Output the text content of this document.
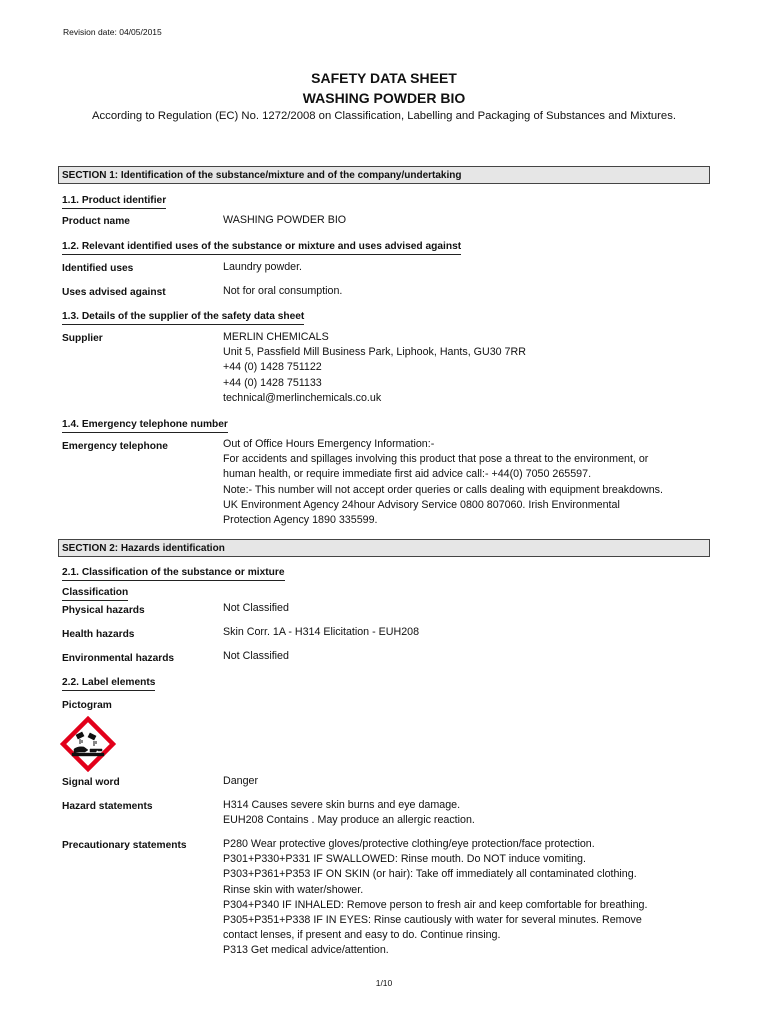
Revision date: 04/05/2015
SAFETY DATA SHEET
WASHING POWDER BIO
According to Regulation (EC) No. 1272/2008 on Classification, Labelling and Packaging of Substances and Mixtures.
SECTION 1: Identification of the substance/mixture and of the company/undertaking
1.1. Product identifier
Product name	WASHING POWDER BIO
1.2. Relevant identified uses of the substance or mixture and uses advised against
Identified uses	Laundry powder.
Uses advised against	Not for oral consumption.
1.3. Details of the supplier of the safety data sheet
Supplier	MERLIN CHEMICALS
Unit 5, Passfield Mill Business Park, Liphook, Hants, GU30 7RR
+44 (0) 1428 751122
+44 (0) 1428 751133
technical@merlinchemicals.co.uk
1.4. Emergency telephone number
Emergency telephone	Out of Office Hours Emergency Information:-
For accidents and spillages involving this product that pose a threat to the environment, or
human health, or require immediate first aid advice call:- +44(0) 7050 265597.
Note:- This number will not accept order queries or calls dealing with equipment breakdowns.
UK Environment Agency 24hour Advisory Service 0800 807060. Irish Environmental
Protection Agency 1890 335599.
SECTION 2: Hazards identification
2.1. Classification of the substance or mixture
Classification
Physical hazards	Not Classified
Health hazards	Skin Corr. 1A - H314 Elicitation - EUH208
Environmental hazards	Not Classified
2.2. Label elements
Pictogram
Signal word	Danger
Hazard statements	H314 Causes severe skin burns and eye damage.
EUH208 Contains . May produce an allergic reaction.
Precautionary statements	P280 Wear protective gloves/protective clothing/eye protection/face protection.
P301+P330+P331 IF SWALLOWED: Rinse mouth. Do NOT induce vomiting.
P303+P361+P353 IF ON SKIN (or hair): Take off immediately all contaminated clothing.
Rinse skin with water/shower.
P304+P340 IF INHALED: Remove person to fresh air and keep comfortable for breathing.
P305+P351+P338 IF IN EYES: Rinse cautiously with water for several minutes. Remove
contact lenses, if present and easy to do. Continue rinsing.
P313 Get medical advice/attention.
1/10
